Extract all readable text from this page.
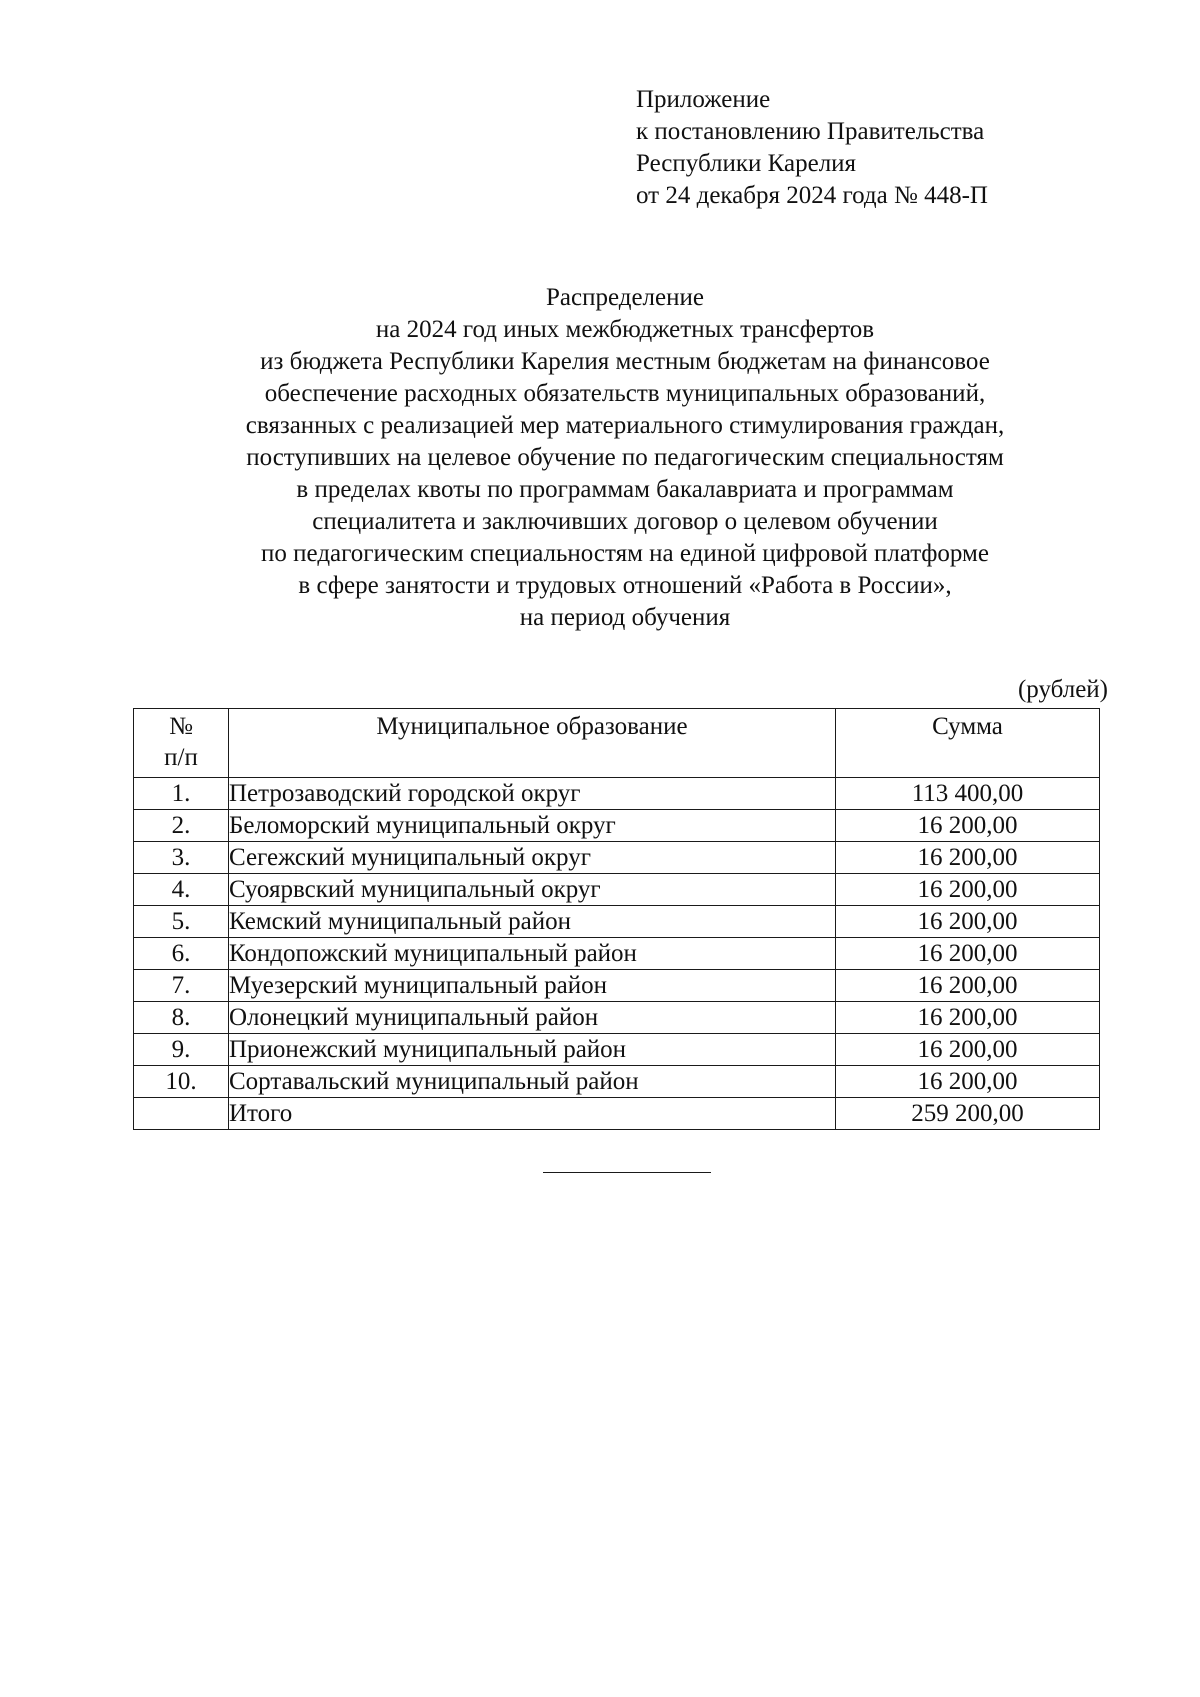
Приложение
к постановлению Правительства
Республики Карелия
от 24 декабря 2024 года № 448-П
Распределение
на 2024 год иных межбюджетных трансфертов
из бюджета Республики Карелия местным бюджетам на финансовое
обеспечение расходных обязательств муниципальных образований,
связанных с реализацией мер материального стимулирования граждан,
поступивших на целевое обучение по педагогическим специальностям
в пределах квоты по программам бакалавриата и программам
специалитета и заключивших договор о целевом обучении
по педагогическим специальностям на единой цифровой платформе
в сфере занятости и трудовых отношений «Работа в России»,
на период обучения
(рублей)
№
п/п	Муниципальное образование	Сумма
1.	Петрозаводский городской округ	113 400,00
2.	Беломорский муниципальный округ	16 200,00
3.	Сегежский муниципальный округ	16 200,00
4.	Суоярвский муниципальный округ	16 200,00
5.	Кемский муниципальный район	16 200,00
6.	Кондопожский муниципальный район	16 200,00
7.	Муезерский муниципальный район	16 200,00
8.	Олонецкий муниципальный район	16 200,00
9.	Прионежский муниципальный район	16 200,00
10.	Сортавальский муниципальный район	16 200,00
	Итого	259 200,00
